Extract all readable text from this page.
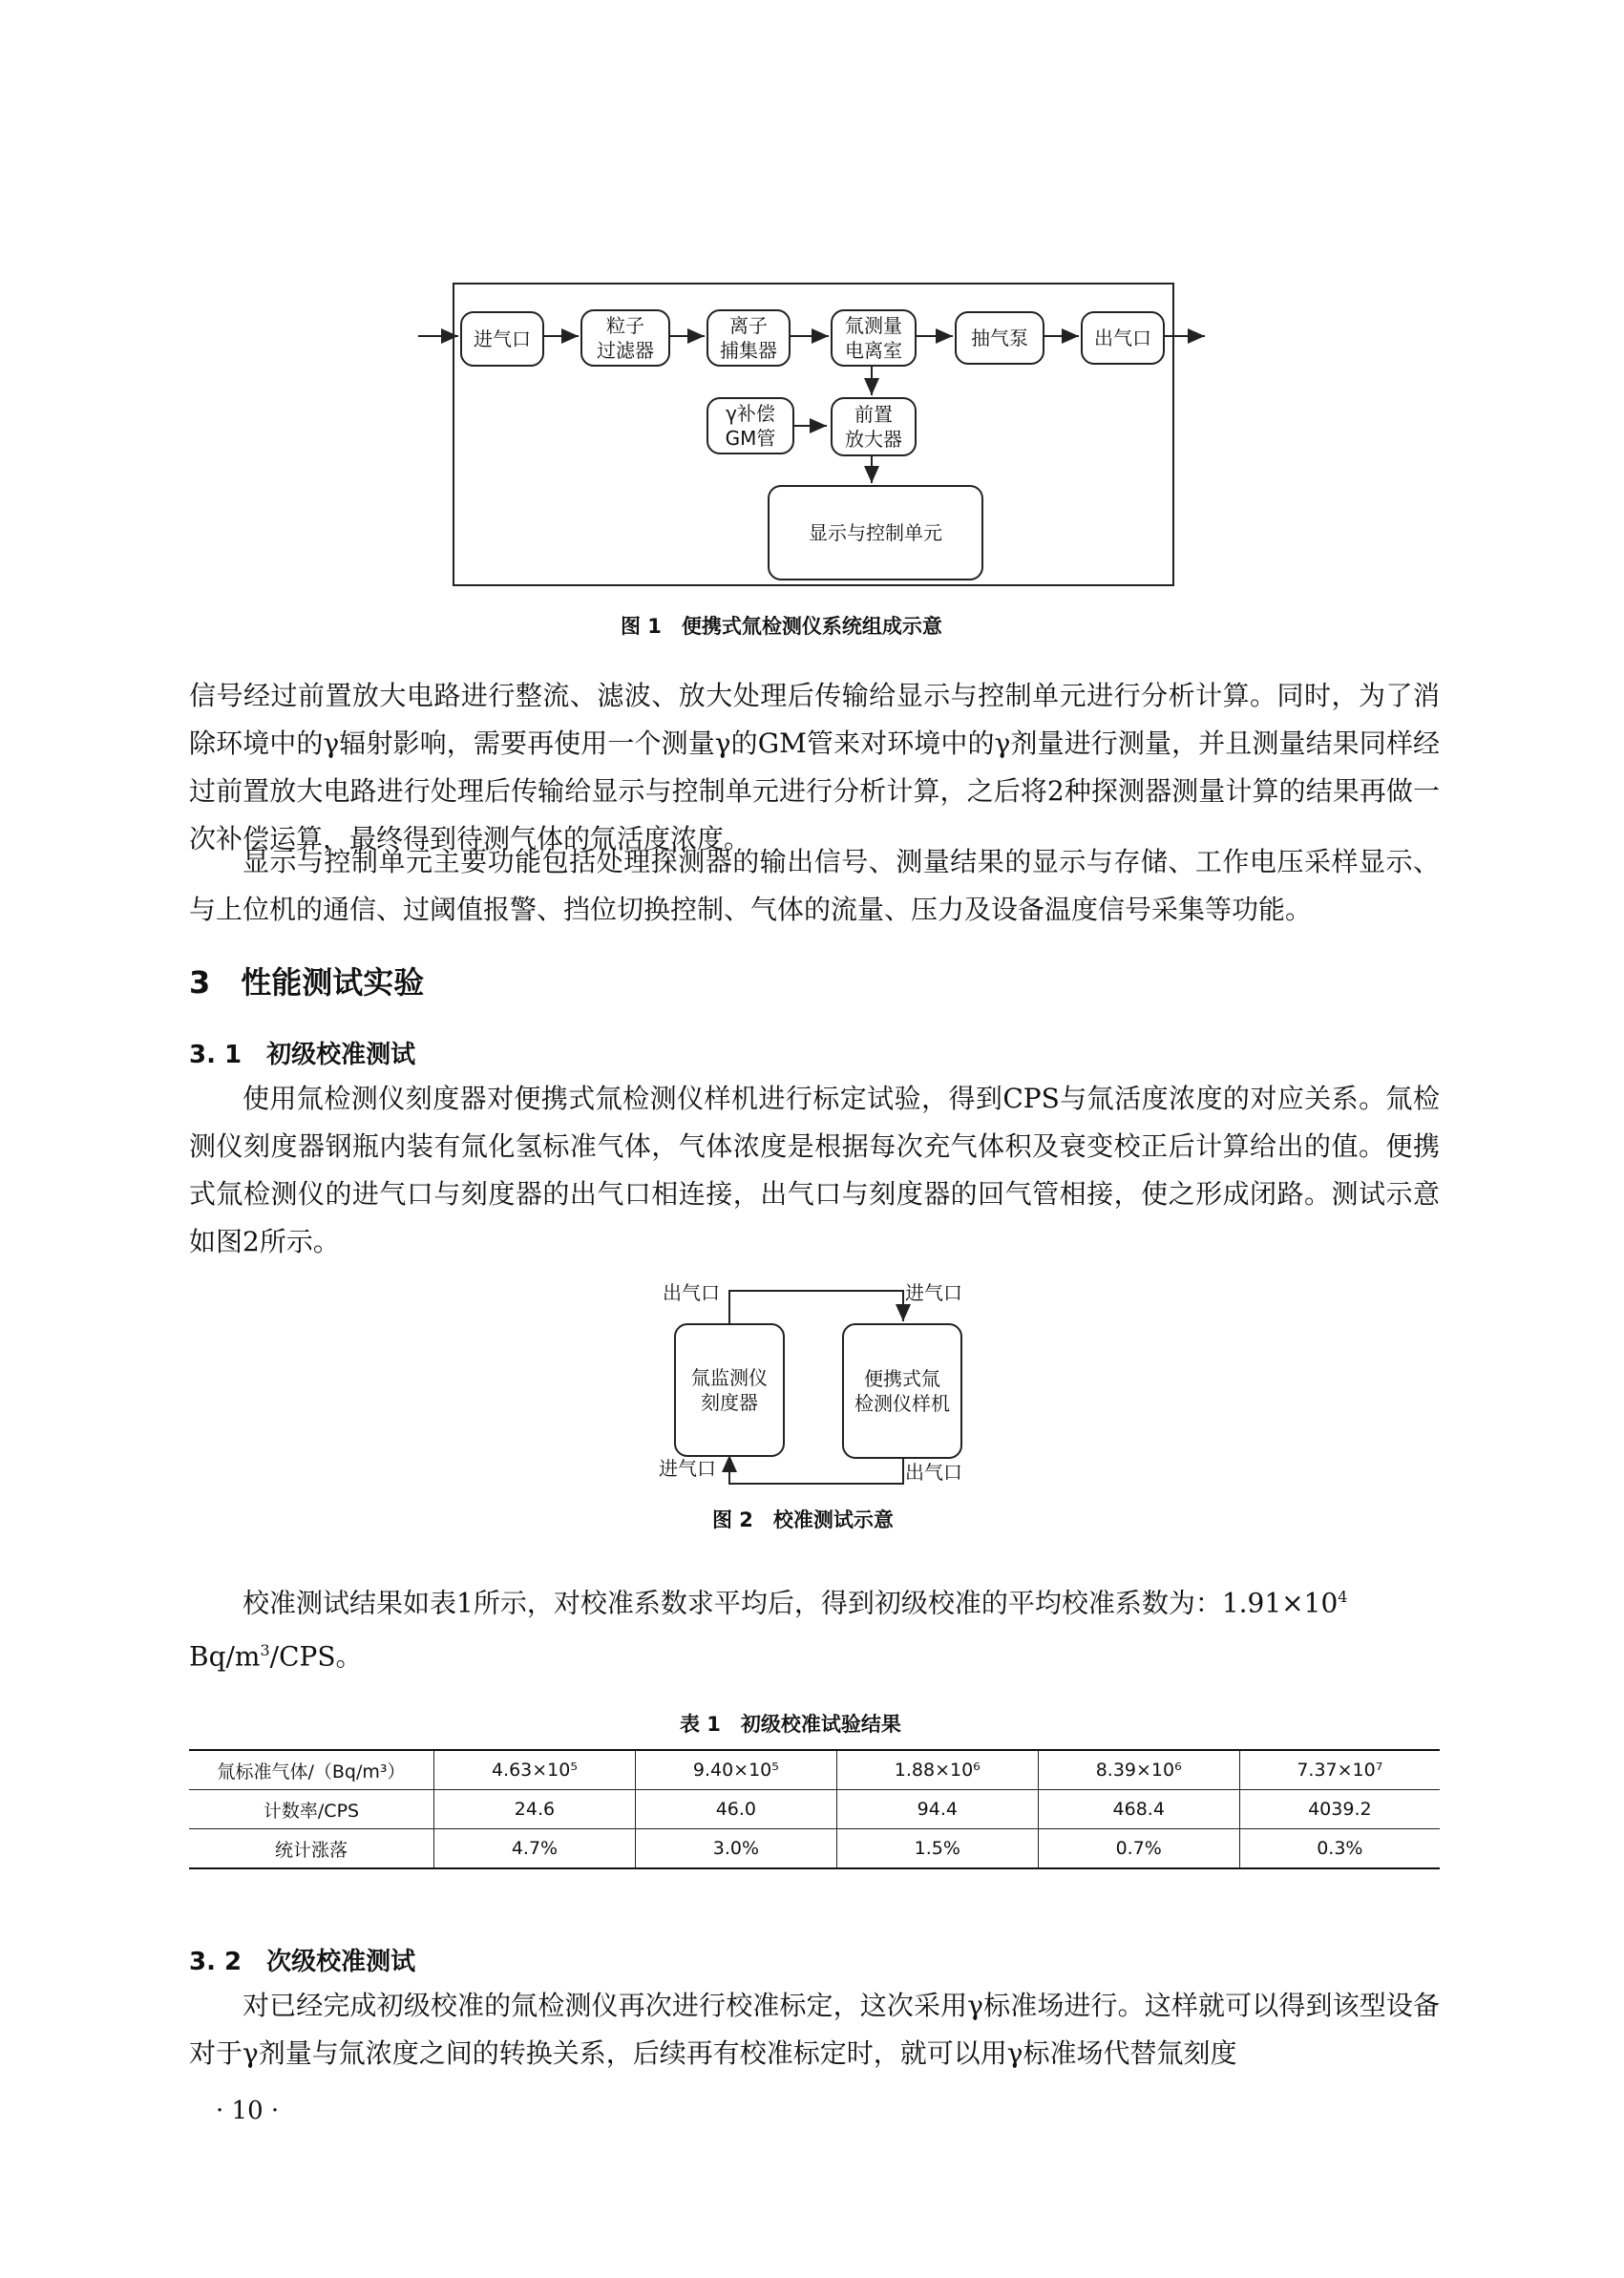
进气口
粒子
过滤器
离子
捕集器
氚测量
电离室
抽气泵	出气口
γ补偿
GM管
前置
放大器
显示与控制单元
图 1　便携式氚检测仪系统组成示意
信号经过前置放大电路进行整流、滤波、放大处理后传输给显示与控制单元进行分析计算。同时，为了消除环境中的γ辐射影响，需要再使用一个测量γ的GM管来对环境中的γ剂量进行测量，并且测量结果同样经过前置放大电路进行处理后传输给显示与控制单元进行分析计算，之后将2种探测器测量计算的结果再做一次补偿运算，最终得到待测气体的氚活度浓度。
显示与控制单元主要功能包括处理探测器的输出信号、测量结果的显示与存储、工作电压采样显示、与上位机的通信、过阈值报警、挡位切换控制、气体的流量、压力及设备温度信号采集等功能。
3　性能测试实验
3. 1　初级校准测试
使用氚检测仪刻度器对便携式氚检测仪样机进行标定试验，得到CPS与氚活度浓度的对应关系。氚检测仪刻度器钢瓶内装有氚化氢标准气体，气体浓度是根据每次充气体积及衰变校正后计算给出的值。便携式氚检测仪的进气口与刻度器的出气口相连接，出气口与刻度器的回气管相接，使之形成闭路。测试示意如图2所示。
氚监测仪
刻度器
便携式氚
检测仪样机
出气口	进气口
进气口	出气口
图 2　校准测试示意
校准测试结果如表1所示，对校准系数求平均后，得到初级校准的平均校准系数为：$1.91\times 10^4$
$Bq/m^3$/CPS。
表 1　初级校准试验结果
氚标准气体/（Bq/m³）	4.63×10⁵	9.40×10⁵	1.88×10⁶	8.39×10⁶	7.37×10⁷
计数率/CPS	24.6	46.0	94.4	468.4	4039.2
统计涨落	4.7%	3.0%	1.5%	0.7%	0.3%
3. 2　次级校准测试
对已经完成初级校准的氚检测仪再次进行校准标定，这次采用γ标准场进行。这样就可以得到该型设备对于γ剂量与氚浓度之间的转换关系，后续再有校准标定时，就可以用γ标准场代替氚刻度
· 10 ·
